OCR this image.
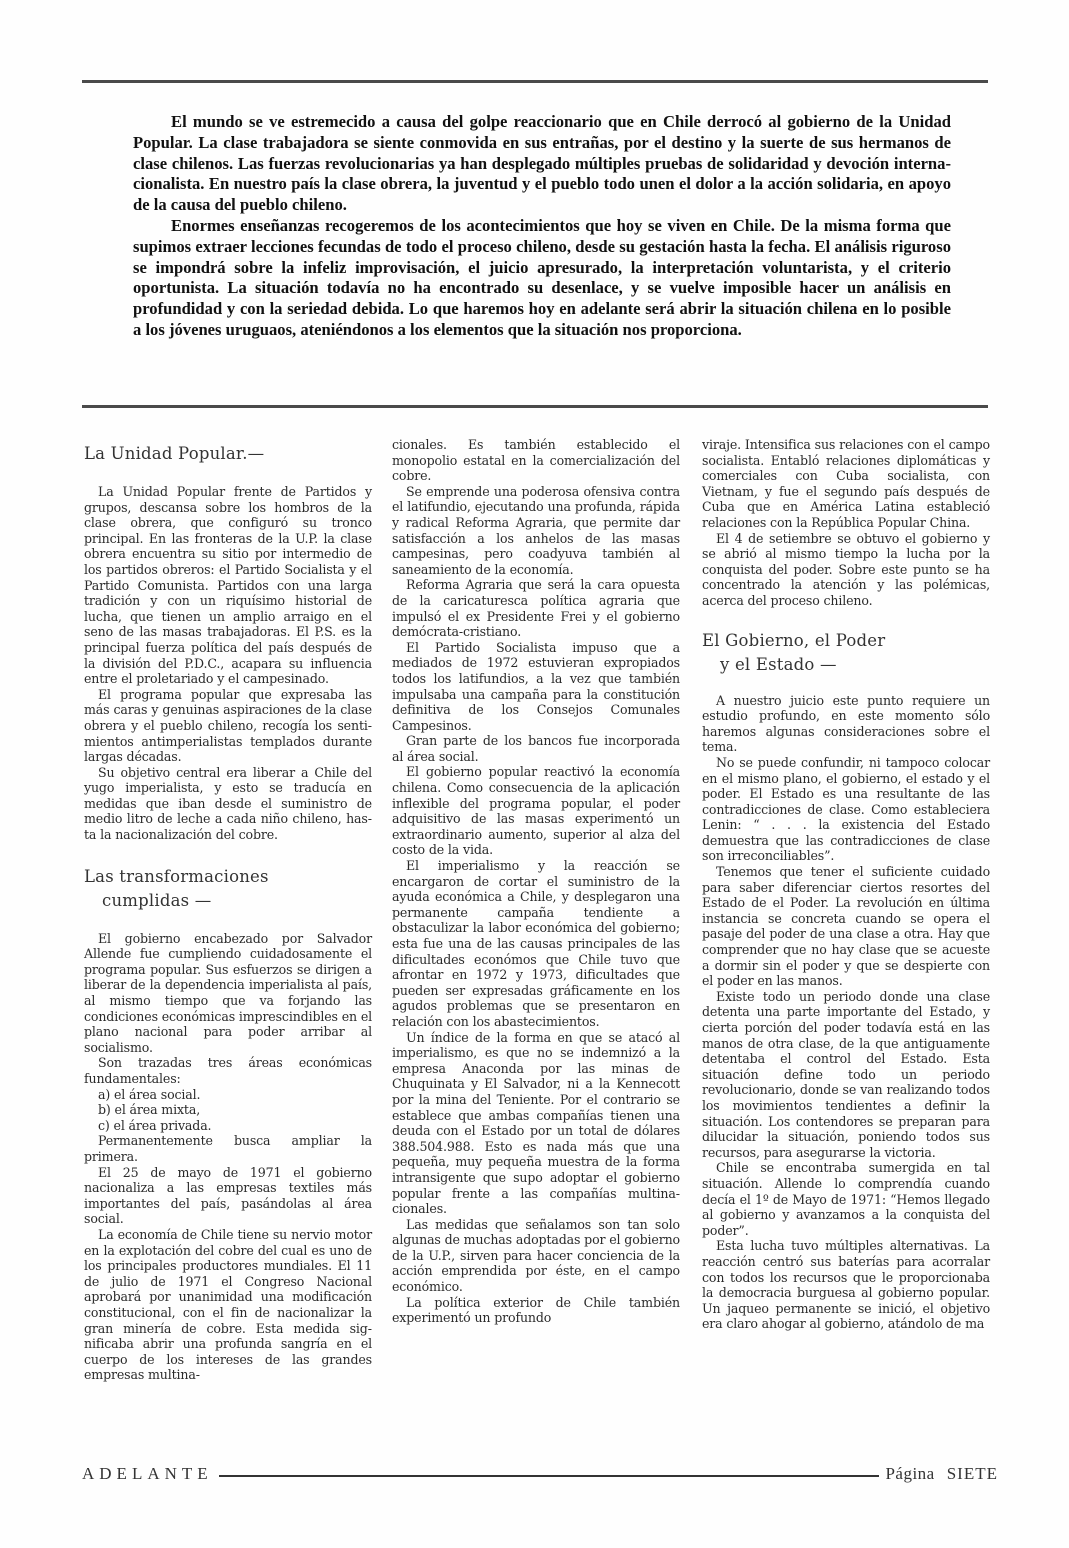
El mundo se ve estremecido a causa del golpe reaccionario que en Chile derrocó al gobierno de la Unidad Popular. La clase trabajadora se siente conmovida en sus entrañas, por el destino y la suerte de sus hermanos de clase chilenos. Las fuerzas revolucionarias ya han desplegado múltiples pruebas de solidaridad y devoción internacionalista. En nuestro país la clase obrera, la juventud y el pueblo todo unen el dolor a la acción solidaria, en apoyo de la causa del pueblo chileno.

Enormes enseñanzas recogeremos de los acontecimientos que hoy se viven en Chile. De la misma forma que supimos extraer lecciones fecundas de todo el proceso chileno, desde su gestación hasta la fecha. El análisis riguroso se impondrá sobre la infeliz improvisación, el juicio apresurado, la interpretación voluntarista, y el criterio oportunista. La situación todavía no ha encontrado su desenlace, y se vuelve imposible hacer un análisis en profundidad y con la seriedad debida. Lo que haremos hoy en adelante será abrir la situación chilena en lo posible a los jóvenes uruguaos, ateniéndonos a los elementos que la situación nos proporciona.

La Unidad Popular.—

La Unidad Popular frente de Partidos y grupos, descansa sobre los hombros de la clase obrera, que configuró su tronco principal. En las fronteras de la U.P. la clase obrera encuentra su sitio por intermedio de los partidos obreros: el Partido Socialista y el Partido Comunista. Partidos con una larga tradición y con un riquísimo historial de lucha, que tienen un amplio arraigo en el seno de las masas trabajadoras. El P.S. es la principal fuerza política del país después de la división del P.D.C., acapara su influencia entre el proletariado y el campesinado.

El programa popular que expresaba las más caras y genuinas aspiraciones de la clase obrera y el pueblo chileno, recogía los sentimientos antimperialistas templados durante largas décadas.

Su objetivo central era liberar a Chile del yugo imperialista, y esto se traducía en medidas que iban desde el suministro de medio litro de leche a cada niño chileno, hasta la nacionalización del cobre.

Las transformaciones
cumplidas —

El gobierno encabezado por Salvador Allende fue cumpliendo cuidadosamente el programa popular. Sus esfuerzos se dirigen a liberar de la dependencia imperialista al país, al mismo tiempo que va forjando las condiciones económicas imprescindibles en el plano nacional para poder arribar al socialismo.

Son trazadas tres áreas económicas fundamentales:

a) el área social.

b) el área mixta,

c) el área privada.

Permanentemente busca ampliar la primera.

El 25 de mayo de 1971 el gobierno nacionaliza a las empresas textiles más importantes del país, pasándolas al área social.

La economía de Chile tiene su nervio motor en la explotación del cobre del cual es uno de los principales productores mundiales. El 11 de julio de 1971 el Congreso Nacional aprobará por unanimidad una modificación constitucional, con el fin de nacionalizar la gran minería de cobre. Esta medida significaba abrir una profunda sangría en el cuerpo de los intereses de las grandes empresas multina-

cionales. Es también establecido el monopolio estatal en la comercialización del cobre.

Se emprende una poderosa ofensiva contra el latifundio, ejecutando una profunda, rápida y radical Reforma Agraria, que permite dar satisfacción a los anhelos de las masas campesinas, pero coadyuva también al saneamiento de la economía.

Reforma Agraria que será la cara opuesta de la caricaturesca política agraria que impulsó el ex Presidente Frei y el gobierno demócrata-cristiano.

El Partido Socialista impuso que a mediados de 1972 estuvieran expropiados todos los latifundios, a la vez que también impulsaba una campaña para la constitución definitiva de los Consejos Comunales Campesinos.

Gran parte de los bancos fue incorporada al área social.

El gobierno popular reactivó la economía chilena. Como consecuencia de la aplicación inflexible del programa popular, el poder adquisitivo de las masas experimentó un extraordinario aumento, superior al alza del costo de la vida.

El imperialismo y la reacción se encargaron de cortar el suministro de la ayuda económica a Chile, y desplegaron una permanente campaña tendiente a obstaculizar la labor económica del gobierno; esta fue una de las causas principales de las dificultades económos que Chile tuvo que afrontar en 1972 y 1973, dificultades que pueden ser expresadas gráficamente en los agudos problemas que se presentaron en relación con los abastecimientos.

Un índice de la forma en que se atacó al imperialismo, es que no se indemnizó a la empresa Anaconda por las minas de Chuquinata y El Salvador, ni a la Kennecott por la mina del Teniente. Por el contrario se establece que ambas compañías tienen una deuda con el Estado por un total de dólares 388.504.988. Esto es nada más que una pequeña, muy pequeña muestra de la forma intransigente que supo adoptar el gobierno popular frente a las compañías multinacionales.

Las medidas que señalamos son tan solo algunas de muchas adoptadas por el gobierno de la U.P., sirven para hacer conciencia de la acción emprendida por éste, en el campo económico.

La política exterior de Chile también experimentó un profundo

viraje. Intensifica sus relaciones con el campo socialista. Entabló relaciones diplomáticas y comerciales con Cuba socialista, con Vietnam, y fue el segundo país después de Cuba que en América Latina estableció relaciones con la República Popular China.

El 4 de setiembre se obtuvo el gobierno y se abrió al mismo tiempo la lucha por la conquista del poder. Sobre este punto se ha concentrado la atención y las polémicas, acerca del proceso chileno.

El Gobierno, el Poder
y el Estado —

A nuestro juicio este punto requiere un estudio profundo, en este momento sólo haremos algunas consideraciones sobre el tema.

No se puede confundir, ni tampoco colocar en el mismo plano, el gobierno, el estado y el poder. El Estado es una resultante de las contradicciones de clase. Como estableciera Lenin: “ . . . la existencia del Estado demuestra que las contradicciones de clase son irreconciliables”.

Tenemos que tener el suficiente cuidado para saber diferenciar ciertos resortes del Estado de el Poder. La revolución en última instancia se concreta cuando se opera el pasaje del poder de una clase a otra. Hay que comprender que no hay clase que se acueste a dormir sin el poder y que se despierte con el poder en las manos.

Existe todo un periodo donde una clase detenta una parte importante del Estado, y cierta porción del poder todavía está en las manos de otra clase, de la que antiguamente detentaba el control del Estado. Esta situación define todo un periodo revolucionario, donde se van realizando todos los movimientos tendientes a definir la situación. Los contendores se preparan para dilucidar la situación, poniendo todos sus recursos, para asegurarse la victoria.

Chile se encontraba sumergida en tal situación. Allende lo comprendía cuando decía el 1º de Mayo de 1971: “Hemos llegado al gobierno y avanzamos a la conquista del poder”.

Esta lucha tuvo múltiples alternativas. La reacción centró sus baterías para acorralar con todos los recursos que le proporcionaba la democracia burguesa al gobierno popular. Un jaqueo permanente se inició, el objetivo era claro ahogar al gobierno, atándolo de ma

ADELANTE	Página SIETE
